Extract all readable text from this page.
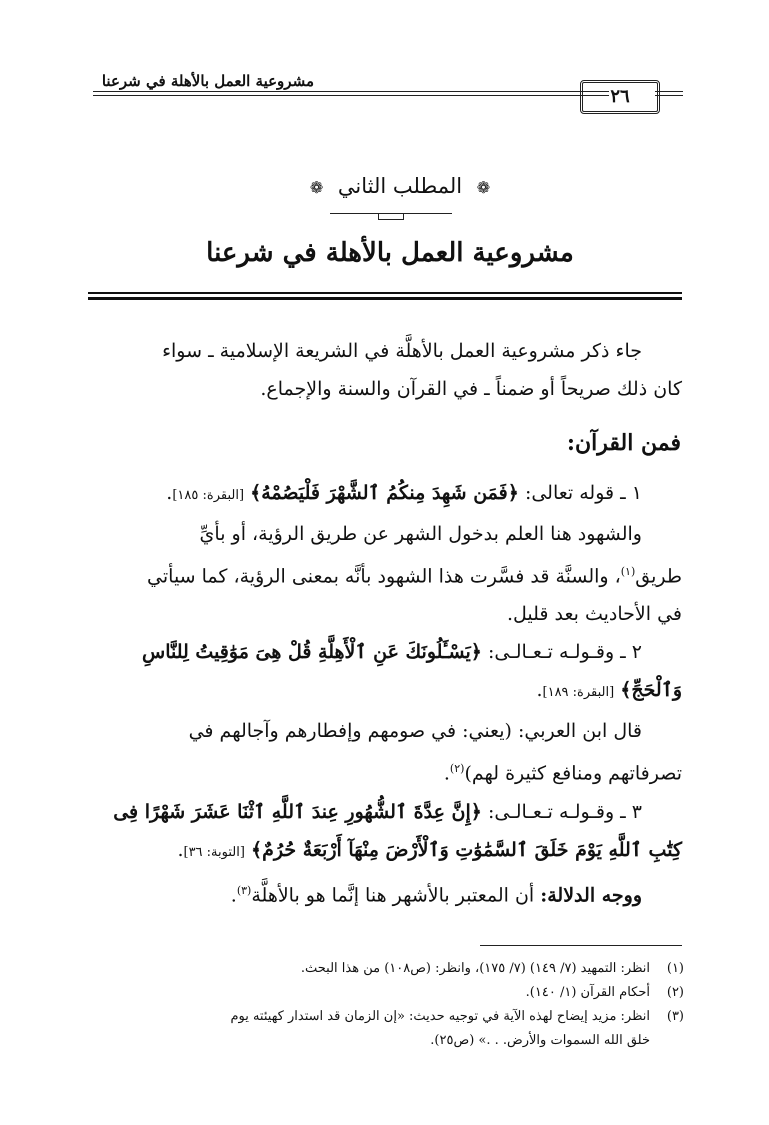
مشروعية العمل بالأهلة في شرعنا
٢٦
❁ المطلب الثاني ❁
مشروعية العمل بالأهلة في شرعنا
جاء ذكر مشروعية العمل بالأهلَّة في الشريعة الإسلامية ـ سواء
كان ذلك صريحاً أو ضمناً ـ في القرآن والسنة والإجماع.
فمن القرآن:
١ ـ قوله تعالى: ﴿فَمَن شَهِدَ مِنكُمُ ٱلشَّهْرَ فَلْيَصُمْهُ﴾ [البقرة: ١٨٥].
والشهود هنا العلم بدخول الشهر عن طريق الرؤية، أو بأيِّ
طريق$^{(١)}$، والسنَّة قد فسَّرت هذا الشهود بأنَّه بمعنى الرؤية، كما سيأتي
في الأحاديث بعد قليل.
٢ ـ وقـولـه تـعـالـى: ﴿يَسْـَٔلُونَكَ عَنِ ٱلْأَهِلَّةِ قُلْ هِىَ مَوَٰقِيتُ لِلنَّاسِ
وَٱلْحَجِّ﴾ [البقرة: ١٨٩].
قال ابن العربي: (يعني: في صومهم وإفطارهم وآجالهم في
تصرفاتهم ومنافع كثيرة لهم)$^{(٢)}$.
٣ ـ وقـولـه تـعـالـى: ﴿إِنَّ عِدَّةَ ٱلشُّهُورِ عِندَ ٱللَّهِ ٱثْنَا عَشَرَ شَهْرًا فِى
كِتَٰبِ ٱللَّهِ يَوْمَ خَلَقَ ٱلسَّمَٰوَٰتِ وَٱلْأَرْضَ مِنْهَآ أَرْبَعَةٌ حُرُمٌ﴾ [التوبة: ٣٦].
ووجه الدلالة: أن المعتبر بالأشهر هنا إنَّما هو بالأهلَّة$^{(٣)}$.
(١)انظر: التمهيد (٧/ ١٤٩) (٧/ ١٧٥)، وانظر: (ص١٠٨) من هذا البحث.
(٢)أحكام القرآن (١/ ١٤٠).
(٣)انظر: مزيد إيضاح لهذه الآية في توجيه حديث: «إن الزمان قد استدار كهيئته يوم
خلق الله السموات والأرض. . .» (ص٢٥).
